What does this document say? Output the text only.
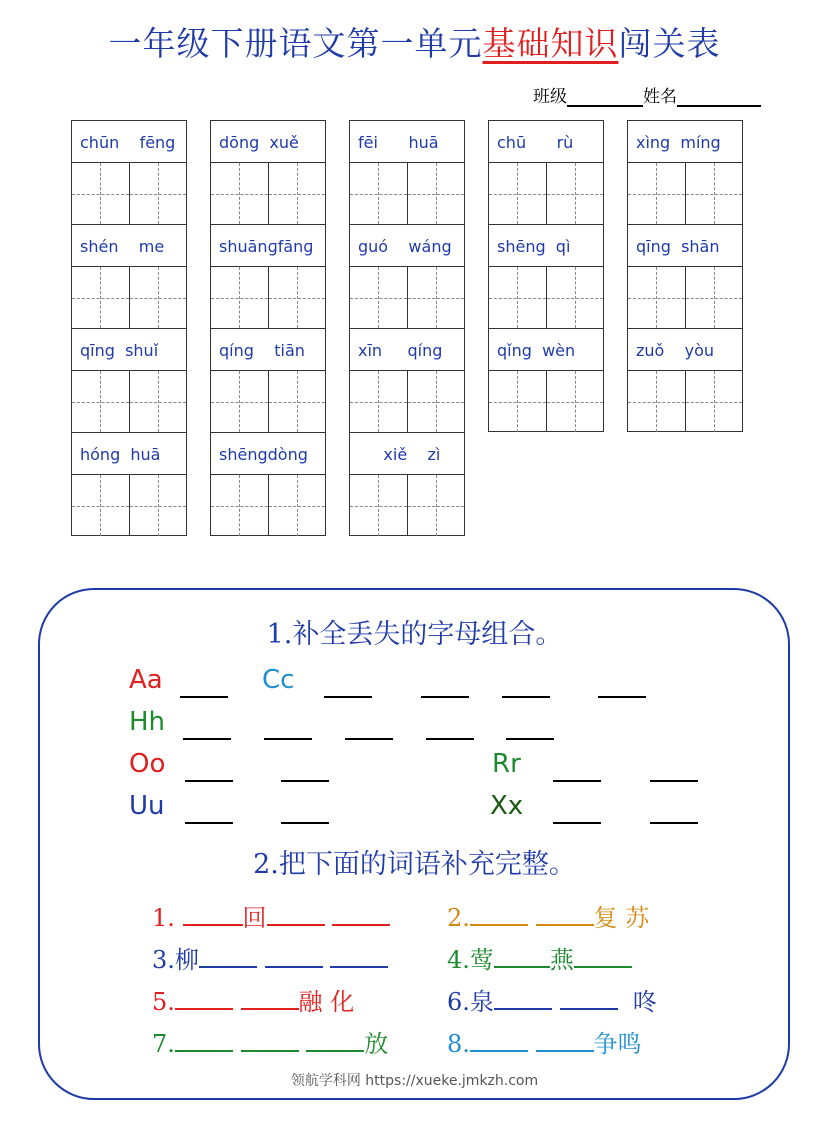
一年级下册语文第一单元基础知识闯关表
班级	姓名
chūn    fēng
shén    me
qīng  shuǐ
hóng  huā
dōng  xuě
shuānɡfānɡ
qíng    tiān
shēngdòng
fēi      huā
guó    wáng
xīn     qíng
xiě    zì
chū      rù
shēng  qì
qǐng  wèn
xìng  míng
qīng  shān
zuǒ    yòu
1.补全丢失的字母组合。
Aa	Cc
Hh
Oo	Rr
Uu	Xx
2.把下面的词语补充完整。
1.	回	2.	复 苏
3.柳	4.莺 燕
5.	融 化	6.泉	咚
7.	放 8.	争鸣
领航学科网 https://xueke.jmkzh.com
